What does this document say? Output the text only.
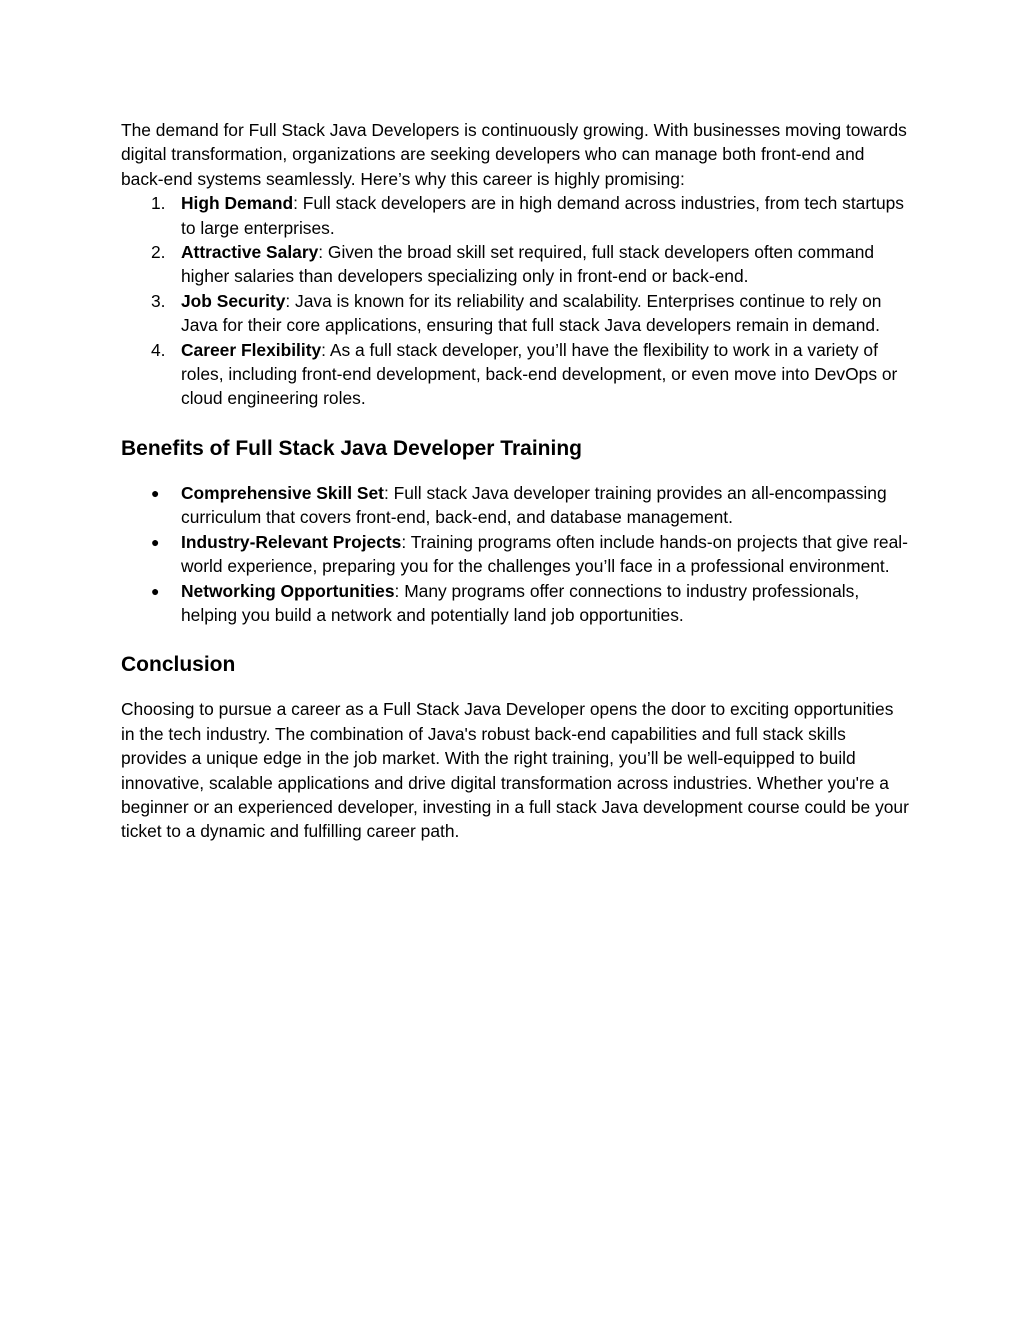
The demand for Full Stack Java Developers is continuously growing. With businesses moving towards digital transformation, organizations are seeking developers who can manage both front-end and back-end systems seamlessly. Here’s why this career is highly promising:

1. High Demand: Full stack developers are in high demand across industries, from tech startups to large enterprises.
2. Attractive Salary: Given the broad skill set required, full stack developers often command higher salaries than developers specializing only in front-end or back-end.
3. Job Security: Java is known for its reliability and scalability. Enterprises continue to rely on Java for their core applications, ensuring that full stack Java developers remain in demand.
4. Career Flexibility: As a full stack developer, you’ll have the flexibility to work in a variety of roles, including front-end development, back-end development, or even move into DevOps or cloud engineering roles.
Benefits of Full Stack Java Developer Training
● Comprehensive Skill Set: Full stack Java developer training provides an all-encompassing curriculum that covers front-end, back-end, and database management.
● Industry-Relevant Projects: Training programs often include hands-on projects that give real-world experience, preparing you for the challenges you’ll face in a professional environment.
● Networking Opportunities: Many programs offer connections to industry professionals, helping you build a network and potentially land job opportunities.
Conclusion

Choosing to pursue a career as a Full Stack Java Developer opens the door to exciting opportunities in the tech industry. The combination of Java's robust back-end capabilities and full stack skills provides a unique edge in the job market. With the right training, you’ll be well-equipped to build innovative, scalable applications and drive digital transformation across industries. Whether you're a beginner or an experienced developer, investing in a full stack Java development course could be your ticket to a dynamic and fulfilling career path.
